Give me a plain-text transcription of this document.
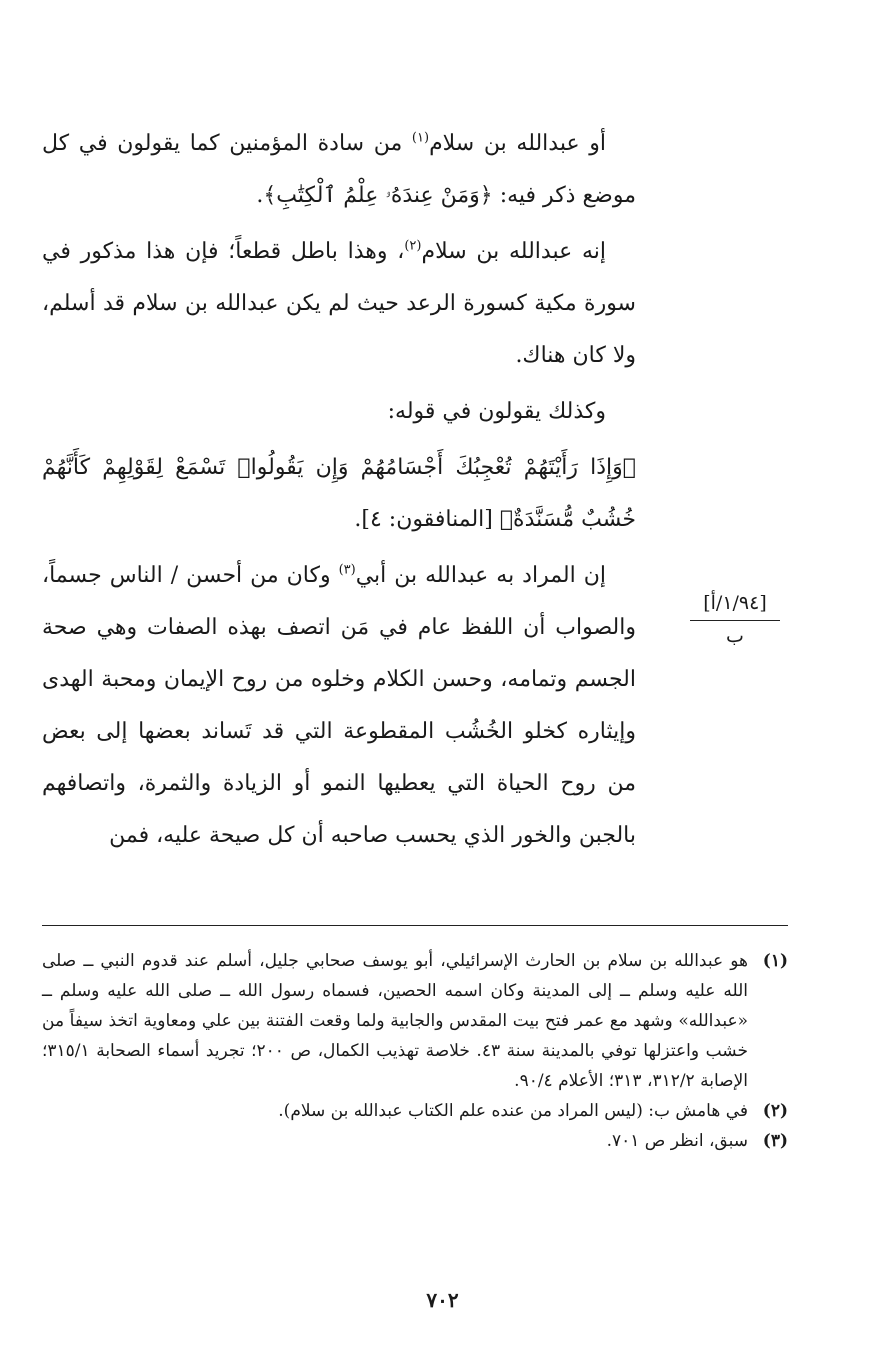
أو عبدالله بن سلام$^{(١)}$ من سادة المؤمنين كما يقولون في كل موضع ذكر فيه: ﴿وَمَنْ عِندَهُۥ عِلْمُ ٱلْكِتَٰبِ﴾.

إنه عبدالله بن سلام$^{(٢)}$، وهذا باطل قطعاً؛ فإن هذا مذكور في سورة مكية كسورة الرعد حيث لم يكن عبدالله بن سلام قد أسلم، ولا كان هناك.

وكذلك يقولون في قوله:

﴿وَإِذَا رَأَيْتَهُمْ تُعْجِبُكَ أَجْسَامُهُمْ وَإِن يَقُولُوا۟ تَسْمَعْ لِقَوْلِهِمْ كَأَنَّهُمْ خُشُبٌ مُّسَنَّدَةٌ﴾ [المنافقون: ٤].

إن المراد به عبدالله بن أبي$^{(٣)}$ وكان من أحسن / الناس جسماً، والصواب أن اللفظ عام في مَن اتصف بهذه الصفات وهي صحة الجسم وتمامه، وحسن الكلام وخلوه من روح الإيمان ومحبة الهدى وإيثاره كخلو الخُشُب المقطوعة التي قد تَساند بعضها إلى بعض من روح الحياة التي يعطيها النمو أو الزيادة والثمرة، واتصافهم بالجبن والخور الذي يحسب صاحبه أن كل صيحة عليه، فمن

[١/٩٤/أ]
ب
(١)
هو عبدالله بن سلام بن الحارث الإسرائيلي، أبو يوسف صحابي جليل، أسلم عند قدوم النبي ــ صلى الله عليه وسلم ــ إلى المدينة وكان اسمه الحصين، فسماه رسول الله ــ صلى الله عليه وسلم ــ «عبدالله» وشهد مع عمر فتح بيت المقدس والجابية ولما وقعت الفتنة بين علي ومعاوية اتخذ سيفاً من خشب واعتزلها توفي بالمدينة سنة ٤٣. خلاصة تهذيب الكمال، ص ٢٠٠؛ تجريد أسماء الصحابة ٣١٥/١؛ الإصابة ٣١٢/٢، ٣١٣؛ الأعلام ٩٠/٤.
(٢)
في هامش ب: (ليس المراد من عنده علم الكتاب عبدالله بن سلام).
(٣)
سبق، انظر ص ٧٠١.
٧٠٢
